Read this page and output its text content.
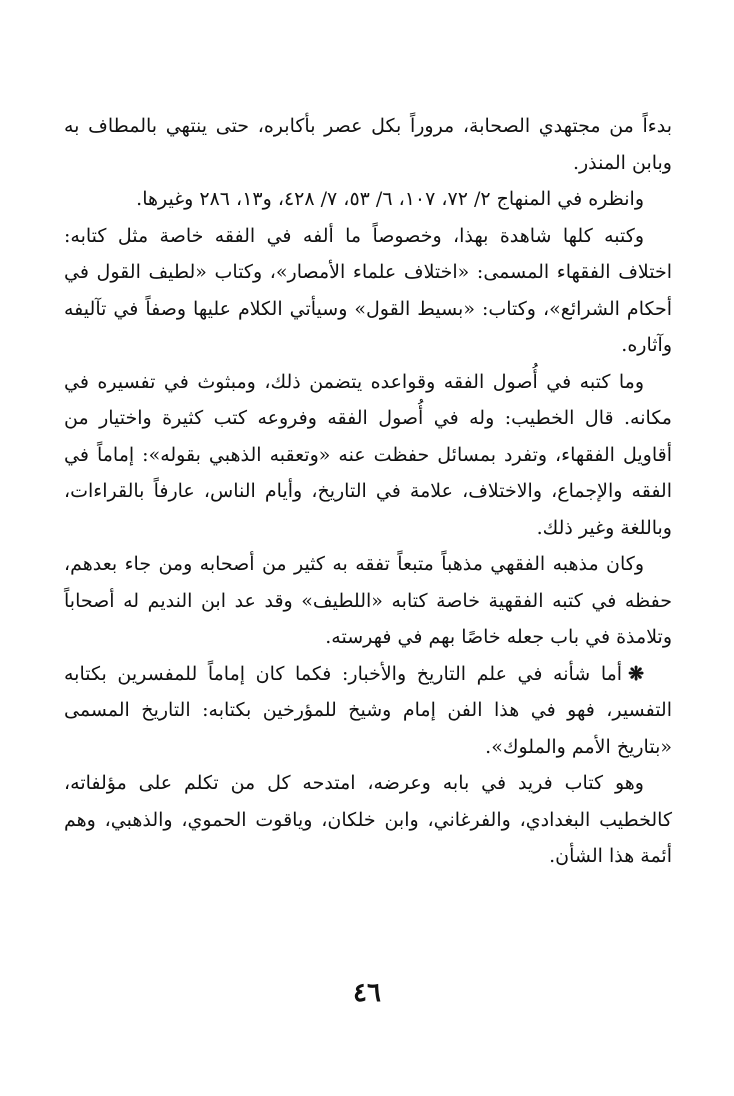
بدءاً من مجتهدي الصحابة، مروراً بكل عصر بأكابره، حتى ينتهي بالمطاف به وبابن المنذر.

وانظره في المنهاج ٢/ ٧٢، ١٠٧، ٦/ ٥٣، ٧/ ٤٢٨، و١٣، ٢٨٦ وغيرها.

وكتبه كلها شاهدة بهذا، وخصوصاً ما ألفه في الفقه خاصة مثل كتابه: اختلاف الفقهاء المسمى: «اختلاف علماء الأمصار»، وكتاب «لطيف القول في أحكام الشرائع»، وكتاب: «بسيط القول» وسيأتي الكلام عليها وصفاً في تآليفه وآثاره.

وما كتبه في أُصول الفقه وقواعده يتضمن ذلك، ومبثوث في تفسيره في مكانه. قال الخطيب: وله في أُصول الفقه وفروعه كتب كثيرة واختيار من أقاويل الفقهاء، وتفرد بمسائل حفظت عنه «وتعقبه الذهبي بقوله»: إماماً في الفقه والإجماع، والاختلاف، علامة في التاريخ، وأيام الناس، عارفاً بالقراءات، وباللغة وغير ذلك.

وكان مذهبه الفقهي مذهباً متبعاً تفقه به كثير من أصحابه ومن جاء بعدهم، حفظه في كتبه الفقهية خاصة كتابه «اللطيف» وقد عد ابن النديم له أصحاباً وتلامذة في باب جعله خاصًا بهم في فهرسته.

❋أما شأنه في علم التاريخ والأخبار: فكما كان إماماً للمفسرين بكتابه التفسير، فهو في هذا الفن إمام وشيخ للمؤرخين بكتابه: التاريخ المسمى «بتاريخ الأمم والملوك».

وهو كتاب فريد في بابه وعرضه، امتدحه كل من تكلم على مؤلفاته، كالخطيب البغدادي، والفرغاني، وابن خلكان، وياقوت الحموي، والذهبي، وهم أئمة هذا الشأن.

٤٦
